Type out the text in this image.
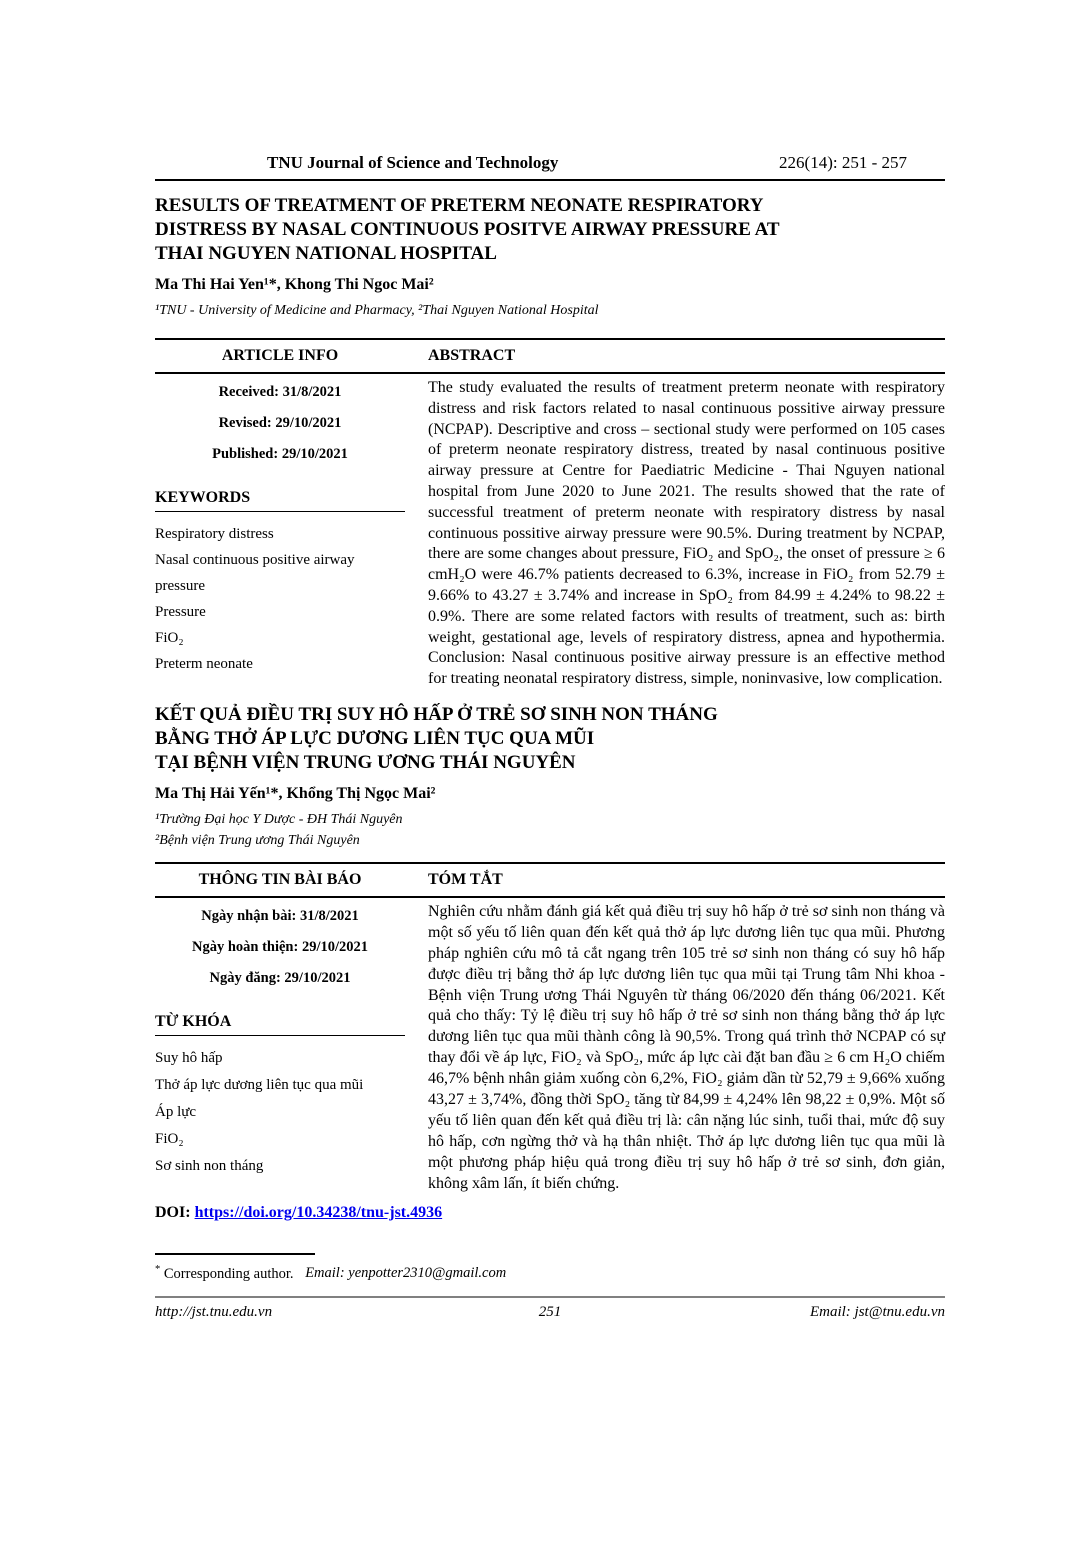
TNU Journal of Science and Technology	226(14): 251 - 257
RESULTS OF TREATMENT OF PRETERM NEONATE RESPIRATORY
DISTRESS BY NASAL CONTINUOUS POSITVE AIRWAY PRESSURE AT
THAI NGUYEN NATIONAL HOSPITAL
Ma Thi Hai Yen¹*, Khong Thi Ngoc Mai²
¹TNU - University of Medicine and Pharmacy, ²Thai Nguyen National Hospital
ARTICLE INFO	ABSTRACT
Received: 31/8/2021
Revised: 29/10/2021
Published: 29/10/2021
KEYWORDS
Respiratory distress
Nasal continuous positive airway pressure
Pressure
FiO₂
Preterm neonate

The study evaluated the results of treatment preterm neonate with respiratory distress and risk factors related to nasal continuous possitive airway pressure (NCPAP). Descriptive and cross – sectional study were performed on 105 cases of preterm neonate respiratory distress, treated by nasal continuous positive airway pressure at Centre for Paediatric Medicine - Thai Nguyen national hospital from June 2020 to June 2021. The results showed that the rate of successful treatment of preterm neonate with respiratory distress by nasal continuous possitive airway pressure were 90.5%. During treatment by NCPAP, there are some changes about pressure, FiO₂ and SpO₂, the onset of pressure ≥ 6 cmH₂O were 46.7% patients decreased to 6.3%, increase in FiO₂ from 52.79 ± 9.66% to 43.27 ± 3.74% and increase in SpO₂ from 84.99 ± 4.24% to 98.22 ± 0.9%. There are some related factors with results of treatment, such as: birth weight, gestational age, levels of respiratory distress, apnea and hypothermia. Conclusion: Nasal continuous positive airway pressure is an effective method for treating neonatal respiratory distress, simple, noninvasive, low complication.

KẾT QUẢ ĐIỀU TRỊ SUY HÔ HẤP Ở TRẺ SƠ SINH NON THÁNG
BẰNG THỞ ÁP LỰC DƯƠNG LIÊN TỤC QUA MŨI
TẠI BỆNH VIỆN TRUNG ƯƠNG THÁI NGUYÊN
Ma Thị Hải Yến¹*, Khổng Thị Ngọc Mai²
¹Trường Đại học Y Dược - ĐH Thái Nguyên
²Bệnh viện Trung ương Thái Nguyên
THÔNG TIN BÀI BÁO	TÓM TẮT
Ngày nhận bài: 31/8/2021
Ngày hoàn thiện: 29/10/2021
Ngày đăng: 29/10/2021
TỪ KHÓA
Suy hô hấp
Thở áp lực dương liên tục qua mũi
Áp lực
FiO₂
Sơ sinh non tháng

Nghiên cứu nhằm đánh giá kết quả điều trị suy hô hấp ở trẻ sơ sinh non tháng và một số yếu tố liên quan đến kết quả thở áp lực dương liên tục qua mũi. Phương pháp nghiên cứu mô tả cắt ngang trên 105 trẻ sơ sinh non tháng có suy hô hấp được điều trị bằng thở áp lực dương liên tục qua mũi tại Trung tâm Nhi khoa - Bệnh viện Trung ương Thái Nguyên từ tháng 06/2020 đến tháng 06/2021. Kết quả cho thấy: Tỷ lệ điều trị suy hô hấp ở trẻ sơ sinh non tháng bằng thở áp lực dương liên tục qua mũi thành công là 90,5%. Trong quá trình thở NCPAP có sự thay đổi về áp lực, FiO₂ và SpO₂, mức áp lực cài đặt ban đầu ≥ 6 cm H₂O chiếm 46,7% bệnh nhân giảm xuống còn 6,2%, FiO₂ giảm dần từ 52,79 ± 9,66% xuống 43,27 ± 3,74%, đồng thời SpO₂ tăng từ 84,99 ± 4,24% lên 98,22 ± 0,9%. Một số yếu tố liên quan đến kết quả điều trị là: cân nặng lúc sinh, tuổi thai, mức độ suy hô hấp, cơn ngừng thở và hạ thân nhiệt. Thở áp lực dương liên tục qua mũi là một phương pháp hiệu quả trong điều trị suy hô hấp ở trẻ sơ sinh, đơn giản, không xâm lấn, ít biến chứng.

DOI: https://doi.org/10.34238/tnu-jst.4936
* Corresponding author. Email: yenpotter2310@gmail.com
http://jst.tnu.edu.vn	251	Email: jst@tnu.edu.vn
